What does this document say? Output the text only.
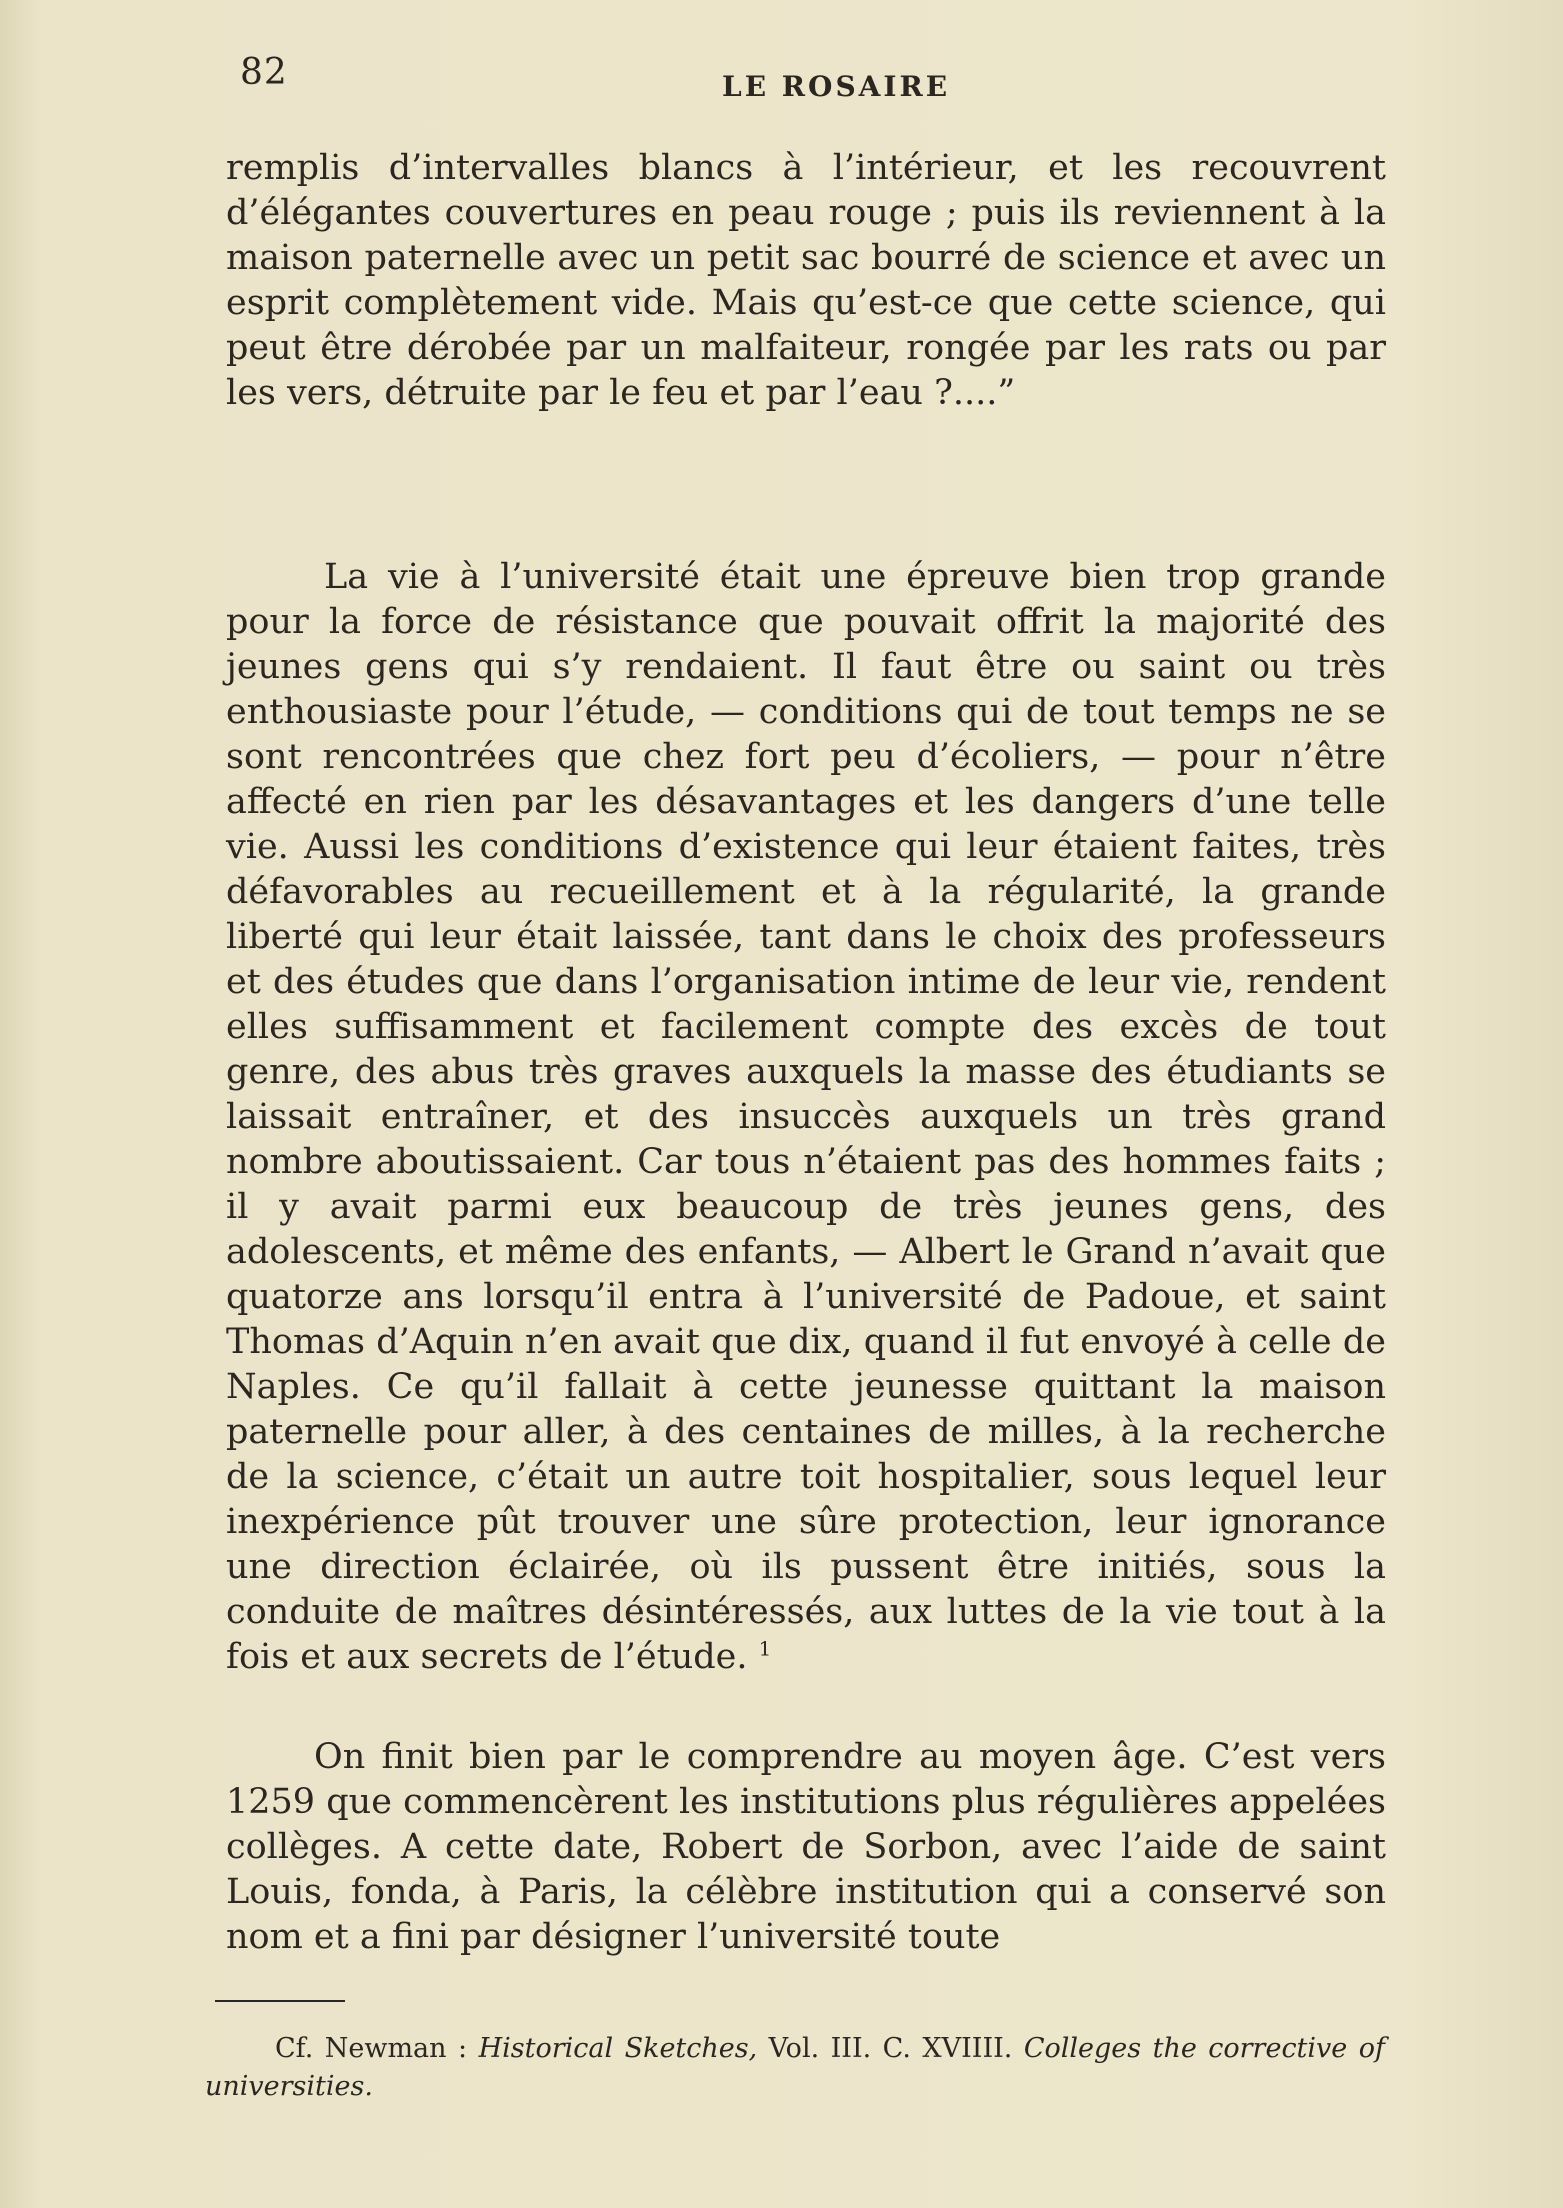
82	LE ROSAIRE

remplis d’intervalles blancs à l’intérieur, et les recouvrent d’élégantes couvertures en peau rouge ; puis ils reviennent à la maison paternelle avec un petit sac bourré de science et avec un esprit complètement vide. Mais qu’est-ce que cette science, qui peut être dérobée par un malfaiteur, rongée par les rats ou par les vers, détruite par le feu et par l’eau ?....”

La vie à l’université était une épreuve bien trop grande pour la force de résistance que pouvait offrit la majorité des jeunes gens qui s’y rendaient. Il faut être ou saint ou très enthousiaste pour l’étude, — conditions qui de tout temps ne se sont rencontrées que chez fort peu d’écoliers, — pour n’être affecté en rien par les désavantages et les dangers d’une telle vie. Aussi les conditions d’existence qui leur étaient faites, très défavorables au recueillement et à la régularité, la grande liberté qui leur était laissée, tant dans le choix des professeurs et des études que dans l’organisation intime de leur vie, rendent elles suffisamment et facilement compte des excès de tout genre, des abus très graves auxquels la masse des étudiants se laissait entraîner, et des insuccès auxquels un très grand nombre aboutissaient. Car tous n’étaient pas des hommes faits ; il y avait parmi eux beaucoup de très jeunes gens, des adolescents, et même des enfants, — Albert le Grand n’avait que quatorze ans lorsqu’il entra à l’université de Padoue, et saint Thomas d’Aquin n’en avait que dix, quand il fut envoyé à celle de Naples. Ce qu’il fallait à cette jeunesse quittant la maison paternelle pour aller, à des centaines de milles, à la recherche de la science, c’était un autre toit hospitalier, sous lequel leur inexpérience pût trouver une sûre protection, leur ignorance une direction éclairée, où ils pussent être initiés, sous la conduite de maîtres désintéressés, aux luttes de la vie tout à la fois et aux secrets de l’étude. $^1$

On finit bien par le comprendre au moyen âge. C’est vers 1259 que commencèrent les institutions plus régulières appelées collèges. A cette date, Robert de Sorbon, avec l’aide de saint Louis, fonda, à Paris, la célèbre institution qui a conservé son nom et a fini par désigner l’université toute

Cf. Newman : Historical Sketches, Vol. III. C. XVIIII. Colleges the corrective of universities.
